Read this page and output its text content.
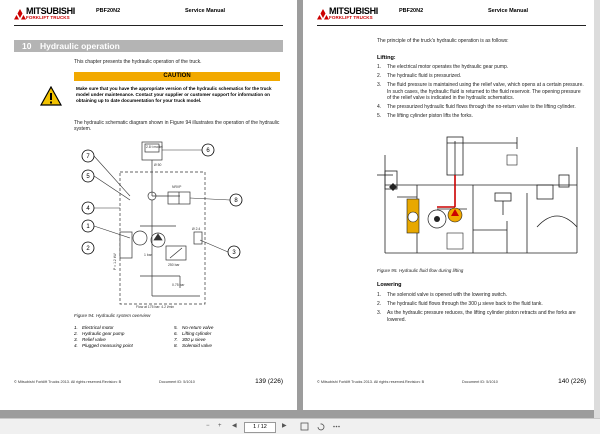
MITSUBISHI
FORKLIFT TRUCKS
PBF20N2	Service Manual
10 Hydraulic operation
This chapter presents the hydraulic operation of the truck.
CAUTION
Make sure that you have the appropriate version of the hydraulic schematics for the truck model under maintenance. Contact your supplier or customer support for information on obtaining up to date documentation for your truck model.
The hydraulic schematic diagram shown in Figure 94 illustrates the operation of the hydraulic system.
7
5
4
1
2
6
8
3
2.8 t model
Ø 50
NRVP
Ø 2.4
1 bar
250 bar
0.75 bar
Flow at 175 bar: 4.2 l/min
P = 1.2 kW
Figure 94. Hydraulic system overview
1. Electrical motor	5. No-return valve
2. Hydraulic gear pump	6. Lifting cylinder
3. Relief valve	7. 300 µ sieve
4. Plugged measuring point	8. Solenoid valve
© Mitsubishi Forklift Trucks 2013. All rights reserved. Revision: B	Document ID: 5/1010	139 (226)
MITSUBISHI
FORKLIFT TRUCKS
PBF20N2	Service Manual
The principle of the truck's hydraulic operation is as follows:
Lifting:
1.	The electrical motor operates the hydraulic gear pump.
2.	The hydraulic fluid is pressurized.
3.	The fluid pressure is maintained using the relief valve, which opens at a certain pressure. In such cases, the hydraulic fluid is returned to the fluid reservoir. The opening pressure of the relief valve is indicated in the hydraulic schematics.
4.	The pressurized hydraulic fluid flows through the no-return valve to the lifting cylinder.
5.	The lifting cylinder piston lifts the forks.
Figure 95. Hydraulic fluid flow during lifting
Lowering
1.	The solenoid valve is opened with the lowering switch.
2.	The hydraulic fluid flows through the 300 µ sieve back to the fluid tank.
3.	As the hydraulic pressure reduces, the lifting cylinder piston retracts and the forks are lowered.
© Mitsubishi Forklift Trucks 2013. All rights reserved. Revision: B	Document ID: 5/1010	140 (226)
− + ◀	1 / 12	▶
